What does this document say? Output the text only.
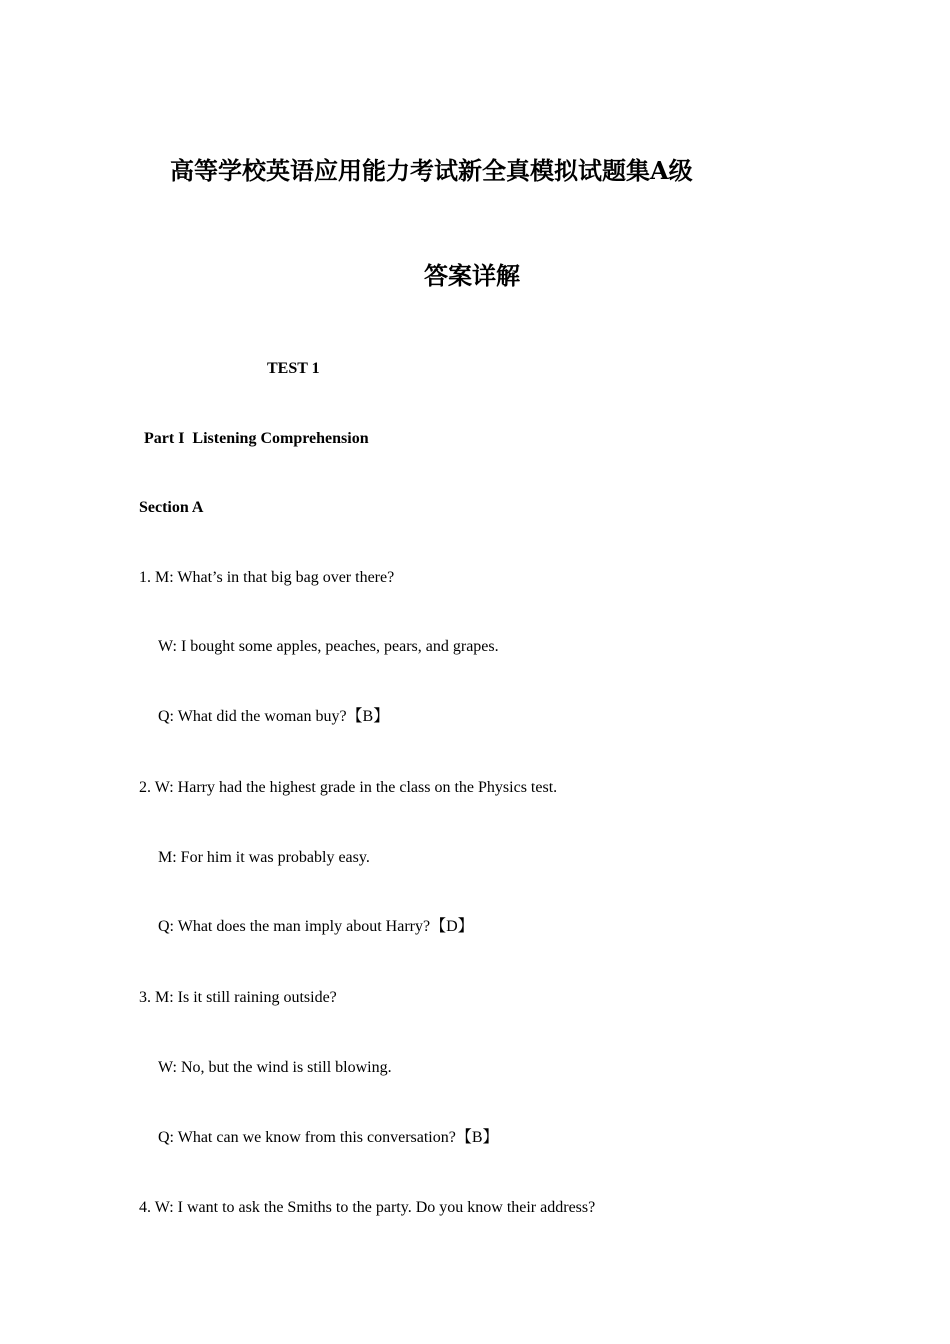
高等学校英语应用能力考试新全真模拟试题集A级
答案详解
TEST 1
Part I  Listening Comprehension
Section A
1. M: What’s in that big bag over there?
W: I bought some apples, peaches, pears, and grapes.
Q: What did the woman buy?【B】
2. W: Harry had the highest grade in the class on the Physics test.
M: For him it was probably easy.
Q: What does the man imply about Harry?【D】
3. M: Is it still raining outside?
W: No, but the wind is still blowing.
Q: What can we know from this conversation?【B】
4. W: I want to ask the Smiths to the party. Do you know their address?
